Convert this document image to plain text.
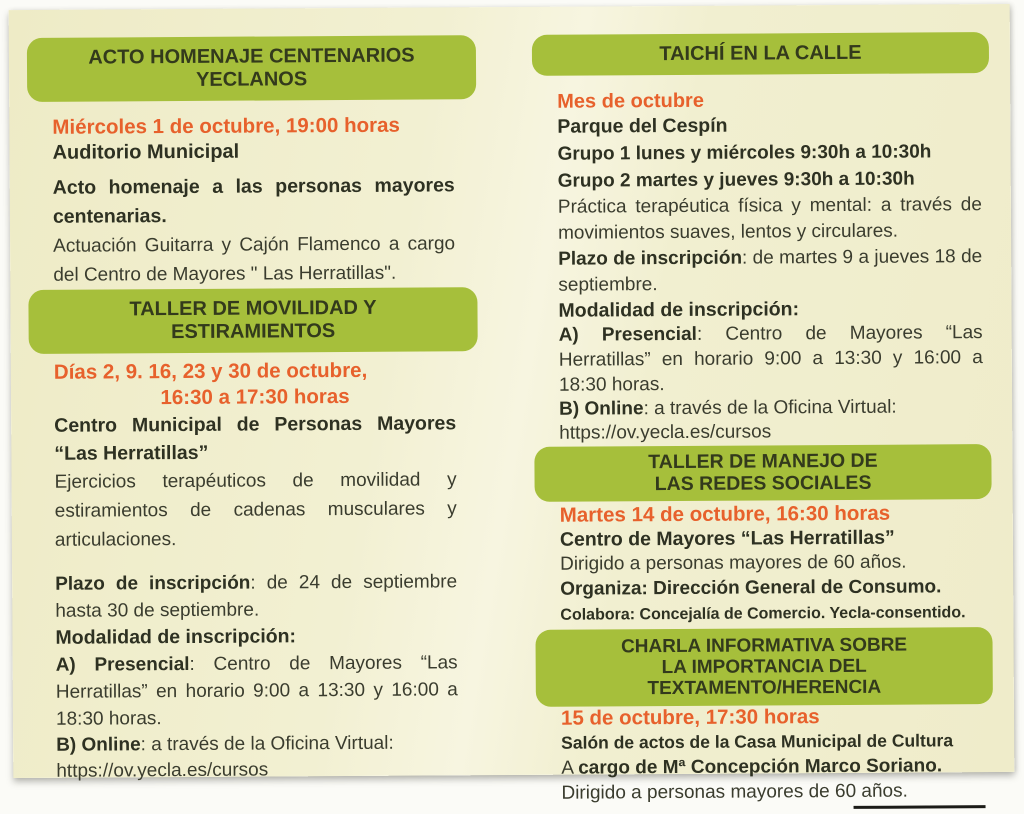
ACTO HOMENAJE CENTENARIOS
YECLANOS
Miércoles 1 de octubre, 19:00 horas
Auditorio Municipal
Acto homenaje a las personas mayores centenarias.
Actuación Guitarra y Cajón Flamenco a cargo del Centro de Mayores " Las Herratillas".
TALLER DE MOVILIDAD Y
ESTIRAMIENTOS
Días 2, 9. 16, 23 y 30 de octubre,
16:30 a 17:30 horas
Centro Municipal de Personas Mayores “Las Herratillas”
Ejercicios terapéuticos de movilidad y estiramientos de cadenas musculares y articulaciones.
Plazo de inscripción: de 24 de septiembre hasta 30 de septiembre.
Modalidad de inscripción:
A) Presencial: Centro de Mayores “Las Herratillas” en horario 9:00 a 13:30 y 16:00 a 18:30 horas.
B) Online: a través de la Oficina Virtual:
https://ov.yecla.es/cursos
TAICHÍ EN LA CALLE
Mes de octubre
Parque del Cespín
Grupo 1 lunes y miércoles 9:30h a 10:30h
Grupo 2 martes y jueves 9:30h a 10:30h
Práctica terapéutica física y mental: a través de movimientos suaves, lentos y circulares.
Plazo de inscripción: de martes 9 a jueves 18 de septiembre.
Modalidad de inscripción:
A) Presencial: Centro de Mayores “Las Herratillas” en horario 9:00 a 13:30 y 16:00 a 18:30 horas.
B) Online: a través de la Oficina Virtual:
https://ov.yecla.es/cursos
TALLER DE MANEJO DE
LAS REDES SOCIALES
Martes 14 de octubre, 16:30 horas
Centro de Mayores “Las Herratillas”
Dirigido a personas mayores de 60 años.
Organiza: Dirección General de Consumo.
Colabora: Concejalía de Comercio. Yecla-consentido.
CHARLA INFORMATIVA SOBRE
LA IMPORTANCIA DEL
TEXTAMENTO/HERENCIA
15 de octubre, 17:30 horas
Salón de actos de la Casa Municipal de Cultura
A cargo de Mª Concepción Marco Soriano.
Dirigido a personas mayores de 60 años.
